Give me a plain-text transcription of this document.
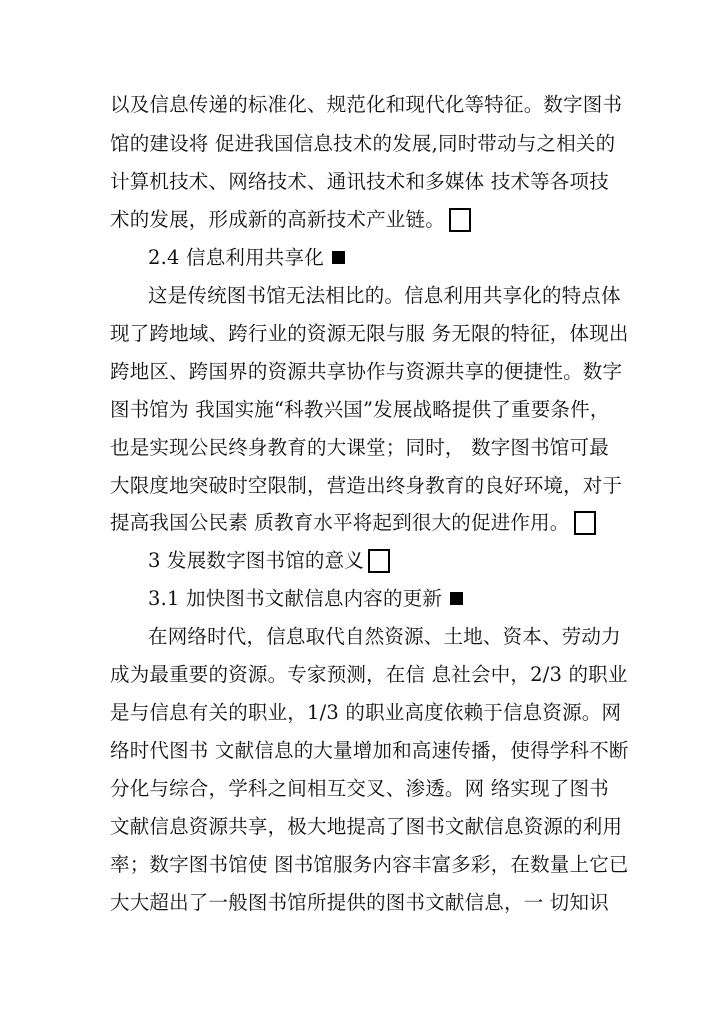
以及信息传递的标准化、规范化和现代化等特征。数字图书
馆的建设将 促进我国信息技术的发展,同时带动与之相关的
计算机技术、网络技术、通讯技术和多媒体 技术等各项技
术的发展，形成新的高新技术产业链。
2.4 信息利用共享化
这是传统图书馆无法相比的。信息利用共享化的特点体
现了跨地域、跨行业的资源无限与服 务无限的特征，体现出
跨地区、跨国界的资源共享协作与资源共享的便捷性。数字
图书馆为 我国实施“科教兴国”发展战略提供了重要条件，
也是实现公民终身教育的大课堂；同时， 数字图书馆可最
大限度地突破时空限制，营造出终身教育的良好环境，对于
提高我国公民素 质教育水平将起到很大的促进作用。
3 发展数字图书馆的意义
3.1 加快图书文献信息内容的更新
在网络时代，信息取代自然资源、土地、资本、劳动力
成为最重要的资源。专家预测，在信 息社会中，2/3 的职业
是与信息有关的职业，1/3 的职业高度依赖于信息资源。网
络时代图书 文献信息的大量增加和高速传播，使得学科不断
分化与综合，学科之间相互交叉、渗透。网 络实现了图书
文献信息资源共享，极大地提高了图书文献信息资源的利用
率；数字图书馆使 图书馆服务内容丰富多彩，在数量上它已
大大超出了一般图书馆所提供的图书文献信息，一 切知识
